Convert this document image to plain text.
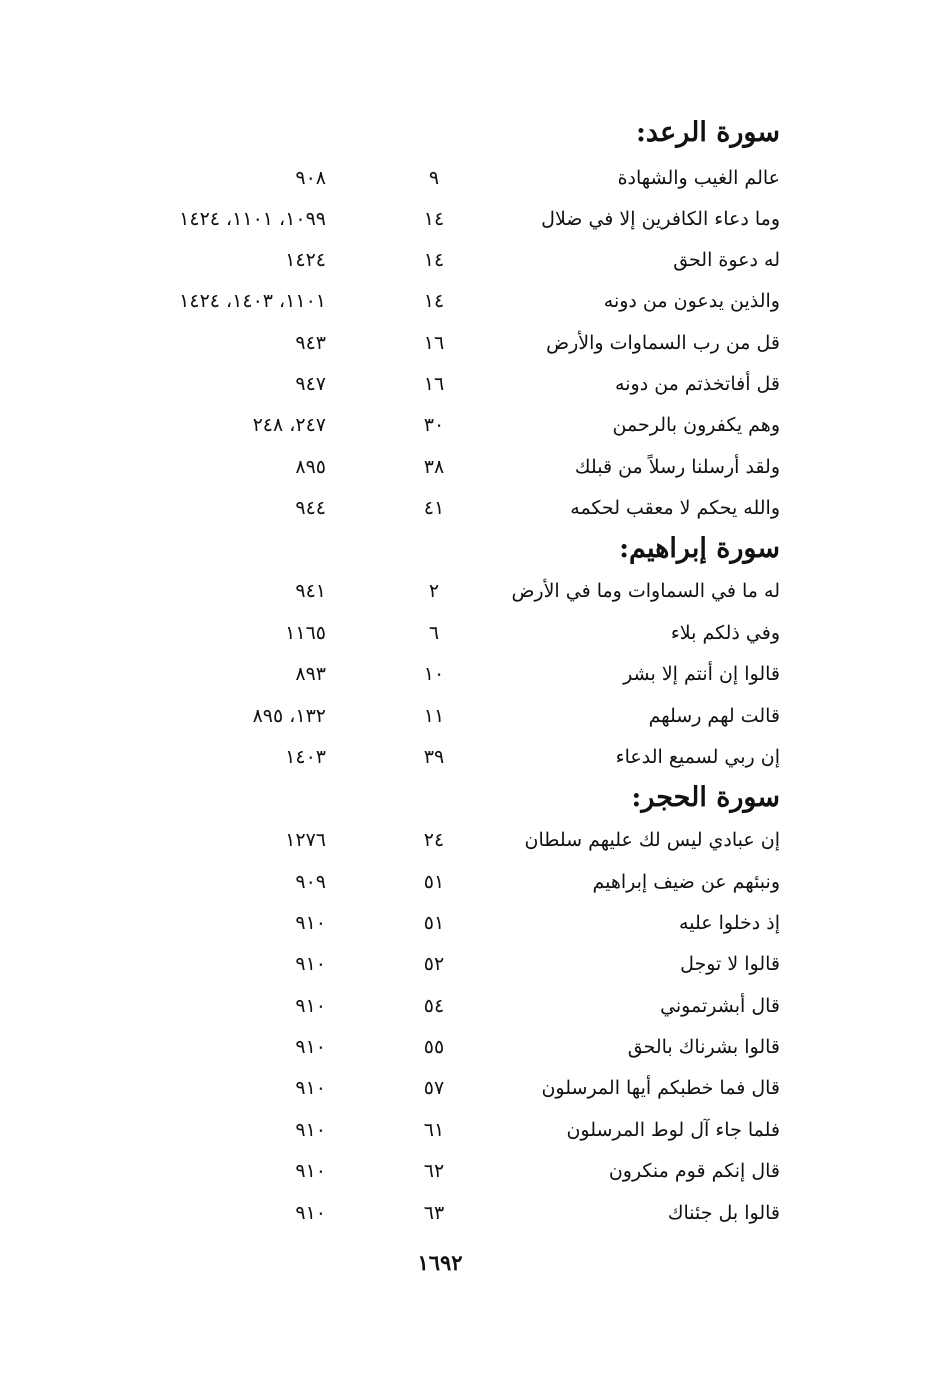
سورة الرعد:
عالم الغيب والشهادة
٩
٩٠٨
وما دعاء الكافرين إلا في ضلال
١٤
١٠٩٩، ١١٠١، ١٤٢٤
له دعوة الحق
١٤
١٤٢٤
والذين يدعون من دونه
١٤
١١٠١، ١٤٠٣، ١٤٢٤
قل من رب السماوات والأرض
١٦
٩٤٣
قل أفاتخذتم من دونه
١٦
٩٤٧
وهم يكفرون بالرحمن
٣٠
٢٤٧، ٢٤٨
ولقد أرسلنا رسلاً من قبلك
٣٨
٨٩٥
والله يحكم لا معقب لحكمه
٤١
٩٤٤
سورة إبراهيم:
له ما في السماوات وما في الأرض
٢
٩٤١
وفي ذلكم بلاء
٦
١١٦٥
قالوا إن أنتم إلا بشر
١٠
٨٩٣
قالت لهم رسلهم
١١
١٣٢، ٨٩٥
إن ربي لسميع الدعاء
٣٩
١٤٠٣
سورة الحجر:
إن عبادي ليس لك عليهم سلطان
٢٤
١٢٧٦
ونبئهم عن ضيف إبراهيم
٥١
٩٠٩
إذ دخلوا عليه
٥١
٩١٠
قالوا لا توجل
٥٢
٩١٠
قال أبشرتموني
٥٤
٩١٠
قالوا بشرناك بالحق
٥٥
٩١٠
قال فما خطبكم أيها المرسلون
٥٧
٩١٠
فلما جاء آل لوط المرسلون
٦١
٩١٠
قال إنكم قوم منكرون
٦٢
٩١٠
قالوا بل جئناك
٦٣
٩١٠
١٦٩٢
